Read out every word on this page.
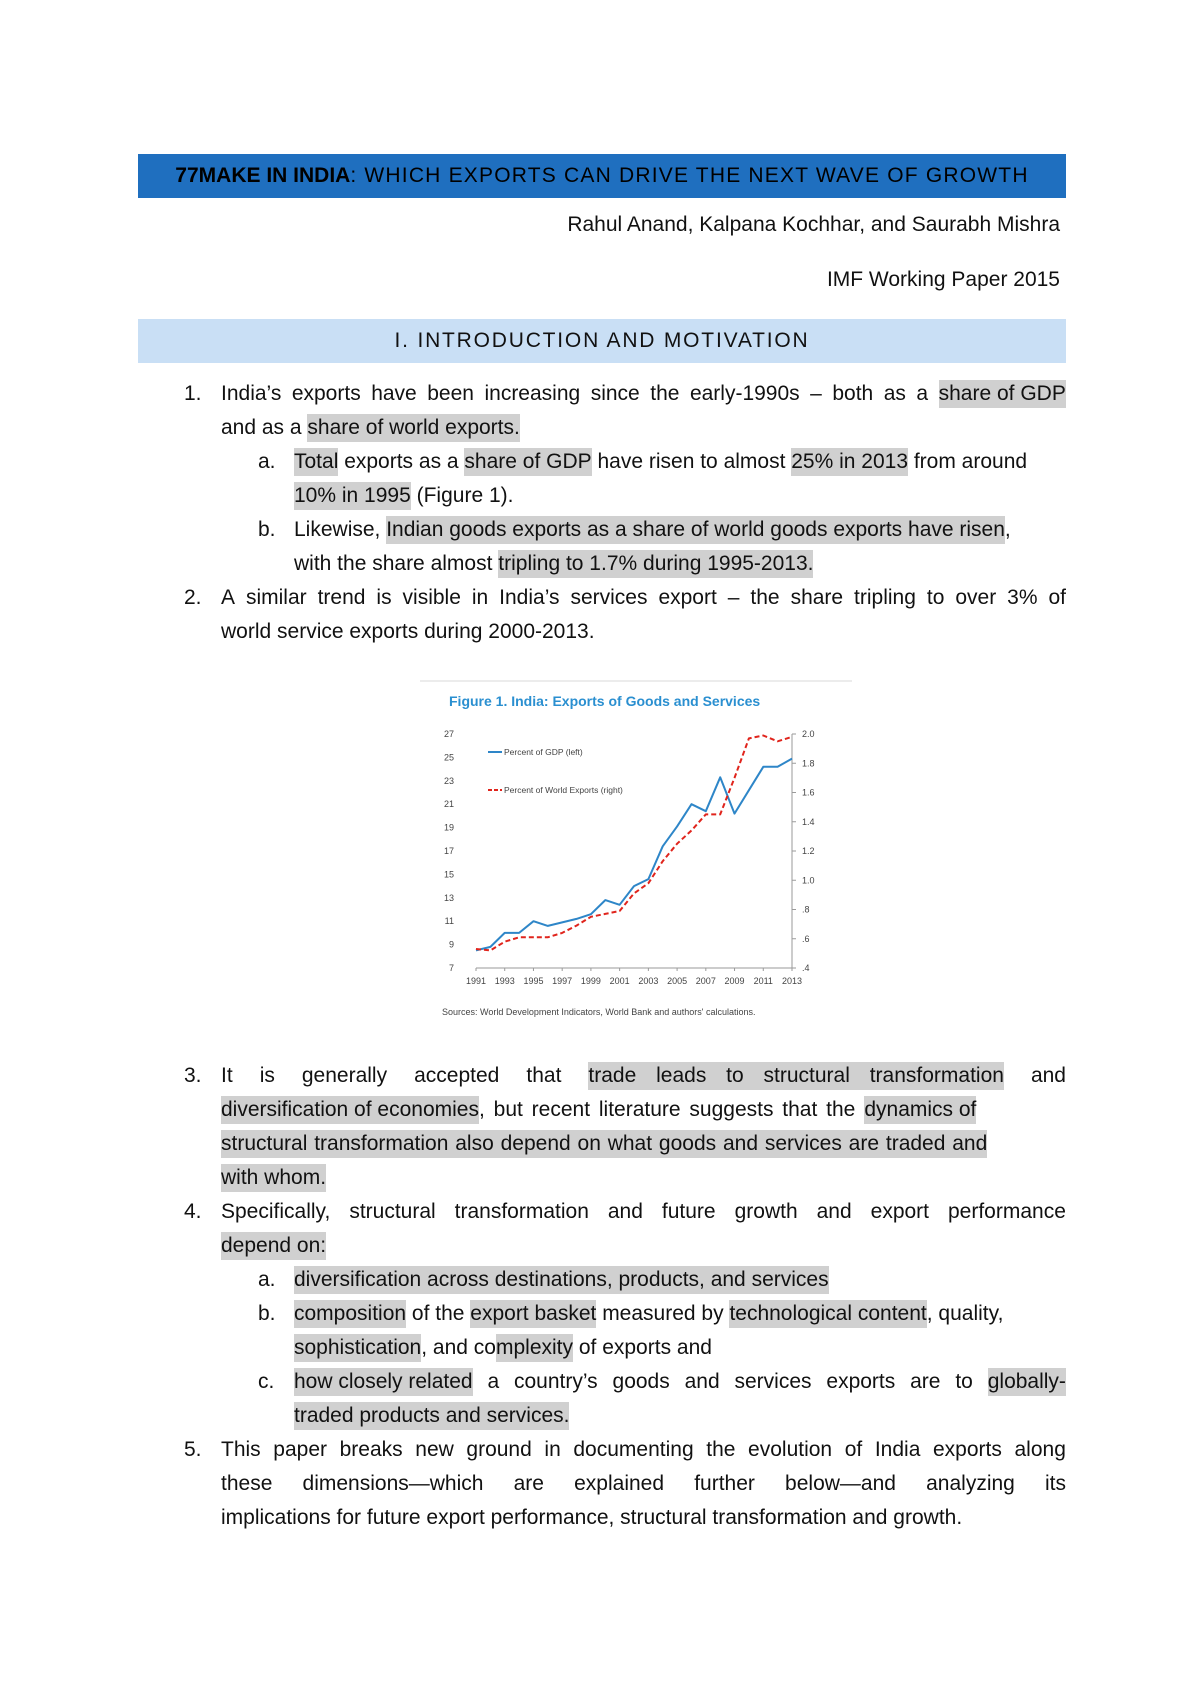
77 MAKE IN INDIA : WHICH EXPORTS CAN DRIVE THE NEXT WAVE OF GROWTH
Rahul Anand, Kalpana Kochhar, and Saurabh Mishra
IMF Working Paper 2015
I. INTRODUCTION AND MOTIVATION
1. India’s exports have been increasing since the early-1990s – both as a share of GDP
and as a share of world exports.
a. Total exports as a share of GDP have risen to almost 25% in 2013 from around
10% in 1995 (Figure 1).
b. Likewise, Indian goods exports as a share of world goods exports have risen ,
with the share almost tripling to 1.7% during 1995-2013.
2. A similar trend is visible in India’s services export – the share tripling to over 3% of
world service exports during 2000-2013.
Figure 1. India: Exports of Goods and Services
7
9
11
13
15
17
19
21
23
25
27
.4
.6
.8
1.0
1.2
1.4
1.6
1.8
2.0
1991 1993 1995 1997 1999 2001 2003 2005 2007 2009 2011 2013
Percent of GDP (left)
Percent of World Exports (right)
Sources: World Development Indicators, World Bank and authors' calculations.
3. It is generally accepted that trade leads to structural transformation and
diversification of economies , but recent literature suggests that the dynamics of
structural transformation also depend on what goods and services are traded and
with whom.
4. Specifically, structural transformation and future growth and export performance
depend on:
a. diversification across destinations, products, and services
b. composition of the export basket measured by technological content , quality,
sophistication , and co mplexity of exports and
c. how closely related a country’s goods and services exports are to globally-
traded products and services.
5. This paper breaks new ground in documenting the evolution of India exports along
these dimensions—which are explained further below—and analyzing its
implications for future export performance, structural transformation and growth.
